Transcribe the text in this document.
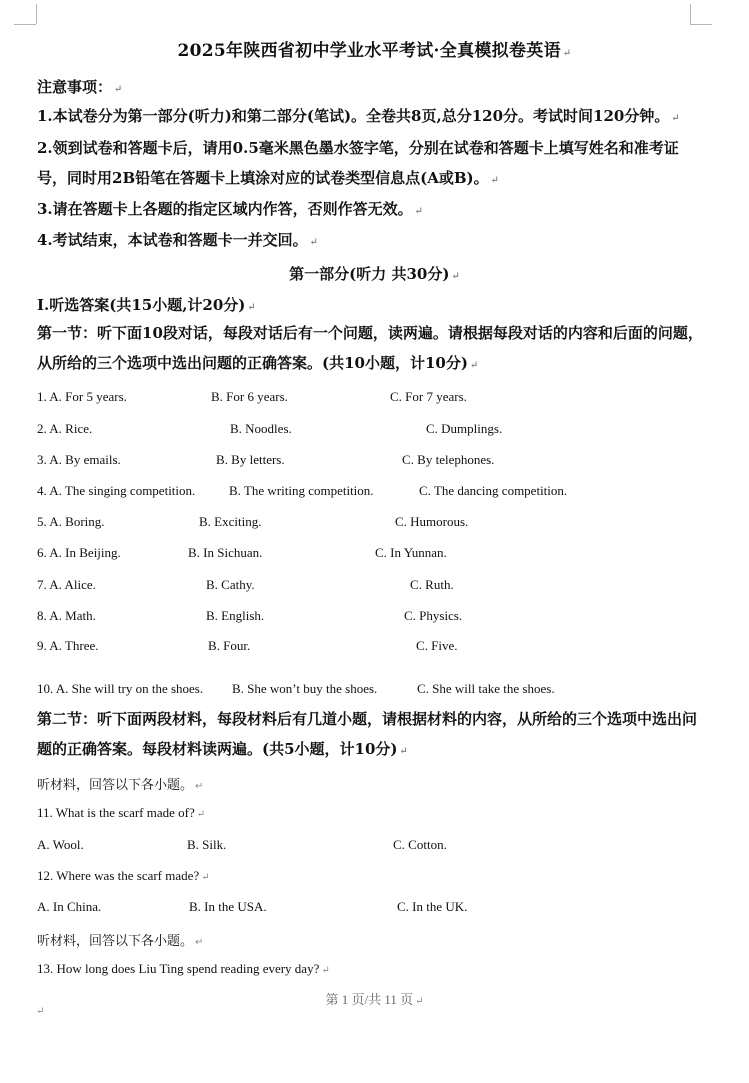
2025年陕西省初中学业水平考试·全真模拟卷英语 ↵
注意事项： ↵
1.本试卷分为第一部分(听力)和第二部分(笔试)。全卷共8页,总分120分。考试时间120分钟。 ↵
2.领到试卷和答题卡后，请用0.5毫米黑色墨水签字笔，分别在试卷和答题卡上填写姓名和准考证号，同时用2B铅笔在答题卡上填涂对应的试卷类型信息点(A或B)。 ↵
3.请在答题卡上各题的指定区域内作答，否则作答无效。 ↵
4.考试结束，本试卷和答题卡一并交回。 ↵
第一部分(听力 共30分) ↵
Ⅰ.听选答案(共15小题,计20分) ↵
第一节：听下面10段对话，每段对话后有一个问题，读两遍。请根据每段对话的内容和后面的问题，从所给的三个选项中选出问题的正确答案。(共10小题，计10分) ↵
1. A. For 5 years.	B. For 6 years.	C. For 7 years.
2. A. Rice.	B. Noodles.	C. Dumplings.
3. A. By emails.	B. By letters.	C. By telephones.
4. A. The singing competition.	B. The writing competition.	C. The dancing competition.
5. A. Boring.	B. Exciting.	C. Humorous.
6. A. In Beijing.	B. In Sichuan.	C. In Yunnan.
7. A. Alice.	B. Cathy.	C. Ruth.
8. A. Math.	B. English.	C. Physics.
9. A. Three.	B. Four.	C. Five.
10. A. She will try on the shoes. B. She won’t buy the shoes.	C. She will take the shoes.
第二节：听下面两段材料，每段材料后有几道小题，请根据材料的内容，从所给的三个选项中选出问题的正确答案。每段材料读两遍。(共5小题，计10分) ↵
听材料，回答以下各小题。 ↵
11. What is the scarf made of? ↵
A. Wool.	B. Silk.	C. Cotton.
12. Where was the scarf made? ↵
A. In China.	B. In the USA.	C. In the UK.
听材料，回答以下各小题。 ↵
13. How long does Liu Ting spend reading every day? ↵
第 1 页/共 11 页 ↵
↵
